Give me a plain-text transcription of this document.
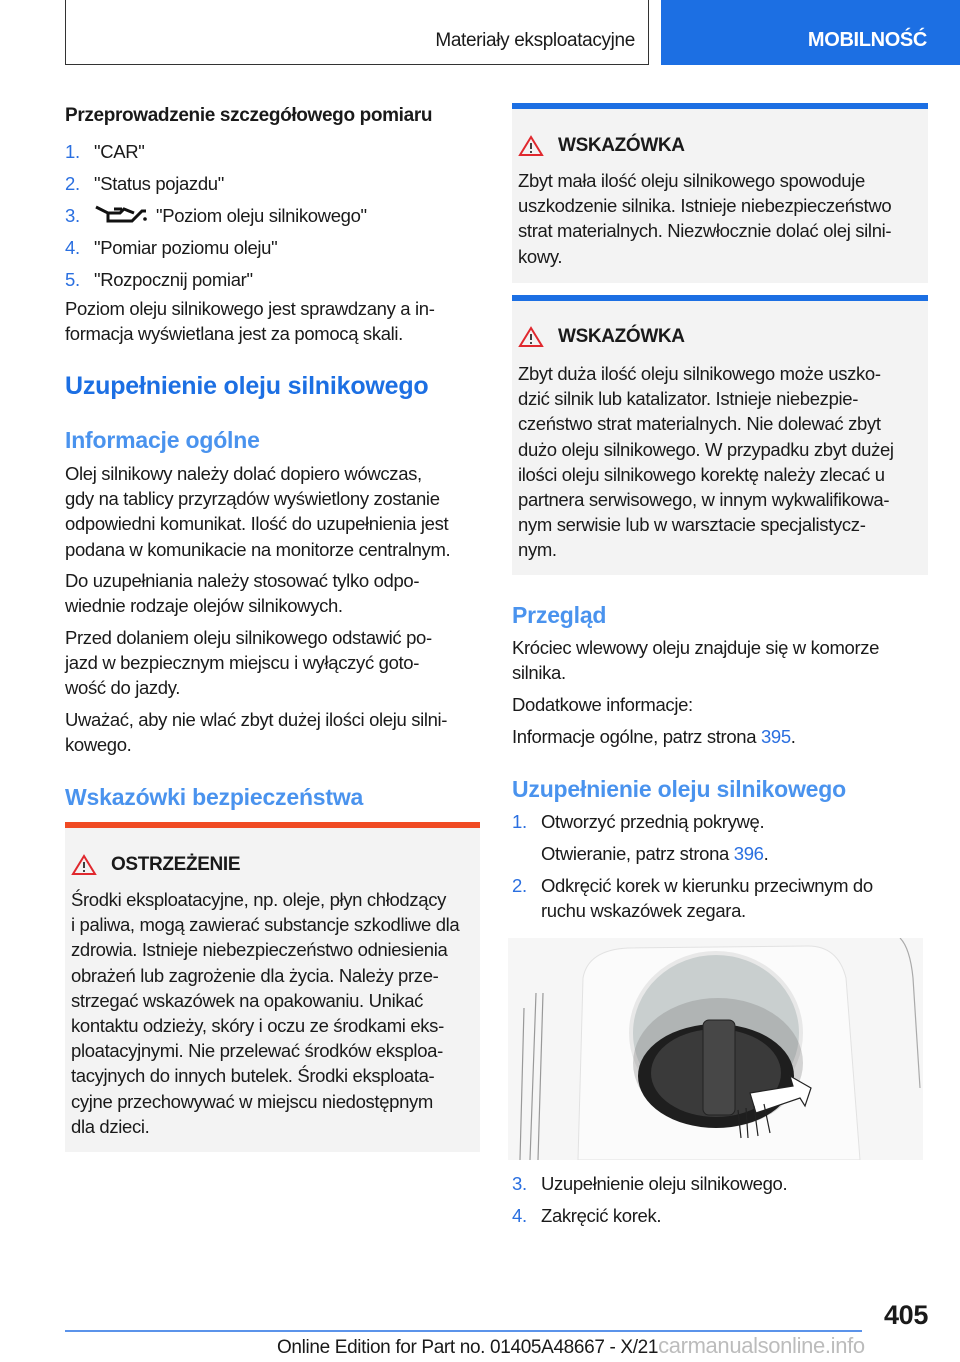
Materiały eksploatacyjne	MOBILNOŚĆ
Przeprowadzenie szczegółowego pomiaru
1. "CAR"
2. "Status pojazdu"
3.	"Poziom oleju silnikowego"
4. "Pomiar poziomu oleju"
5. "Rozpocznij pomiar"
Poziom oleju silnikowego jest sprawdzany a in-
formacja wyświetlana jest za pomocą skali.
Uzupełnienie oleju silnikowego
Informacje ogólne
Olej silnikowy należy dolać dopiero wówczas,
gdy na tablicy przyrządów wyświetlony zostanie
odpowiedni komunikat. Ilość do uzupełnienia jest
podana w komunikacie na monitorze centralnym.
Do uzupełniania należy stosować tylko odpo-
wiednie rodzaje olejów silnikowych.
Przed dolaniem oleju silnikowego odstawić po-
jazd w bezpiecznym miejscu i wyłączyć goto-
wość do jazdy.
Uważać, aby nie wlać zbyt dużej ilości oleju silni-
kowego.
Wskazówki bezpieczeństwa
OSTRZEŻENIE
Środki eksploatacyjne, np. oleje, płyn chłodzący
i paliwa, mogą zawierać substancje szkodliwe dla
zdrowia. Istnieje niebezpieczeństwo odniesienia
obrażeń lub zagrożenie dla życia. Należy prze-
strzegać wskazówek na opakowaniu. Unikać
kontaktu odzieży, skóry i oczu ze środkami eks-
ploatacyjnymi. Nie przelewać środków eksploa-
tacyjnych do innych butelek. Środki eksploata-
cyjne przechowywać w miejscu niedostępnym
dla dzieci.
WSKAZÓWKA
Zbyt mała ilość oleju silnikowego spowoduje
uszkodzenie silnika. Istnieje niebezpieczeństwo
strat materialnych. Niezwłocznie dolać olej silni-
kowy.
WSKAZÓWKA
Zbyt duża ilość oleju silnikowego może uszko-
dzić silnik lub katalizator. Istnieje niebezpie-
czeństwo strat materialnych. Nie dolewać zbyt
dużo oleju silnikowego. W przypadku zbyt dużej
ilości oleju silnikowego korektę należy zlecać u
partnera serwisowego, w innym wykwalifikowa-
nym serwisie lub w warsztacie specjalistycz-
nym.
Przegląd
Króciec wlewowy oleju znajduje się w komorze
silnika.
Dodatkowe informacje:
Informacje ogólne, patrz strona 395.
Uzupełnienie oleju silnikowego
1. Otworzyć przednią pokrywę.
Otwieranie, patrz strona 396.
2. Odkręcić korek w kierunku przeciwnym do
ruchu wskazówek zegara.
3. Uzupełnienie oleju silnikowego.
4. Zakręcić korek.
405
Online Edition for Part no. 01405A48667 - X/21carmanualsonline.info
